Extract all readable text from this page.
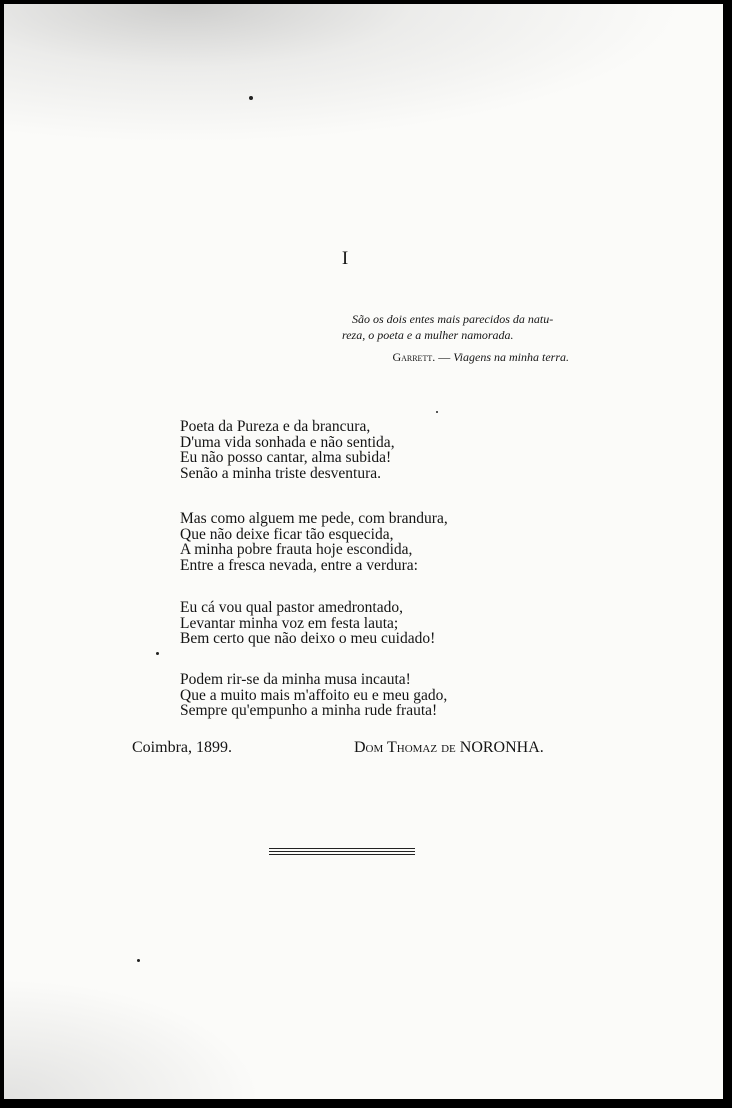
I

São os dois entes mais parecidos da natu-

reza, o poeta e a mulher namorada.

Garrett. — Viagens na minha terra.
Poeta da Pureza e da brancura,
D'uma vida sonhada e não sentida,
Eu não posso cantar, alma subida!
Senão a minha triste desventura.
Mas como alguem me pede, com brandura,
Que não deixe ficar tão esquecida,
A minha pobre frauta hoje escondida,
Entre a fresca nevada, entre a verdura:
Eu cá vou qual pastor amedrontado,
Levantar minha voz em festa lauta;
Bem certo que não deixo o meu cuidado!
Podem rir-se da minha musa incauta!
Que a muito mais m'affoito eu e meu gado,
Sempre qu'empunho a minha rude frauta!
Coimbra, 1899.	Dom Thomaz de NORONHA.
